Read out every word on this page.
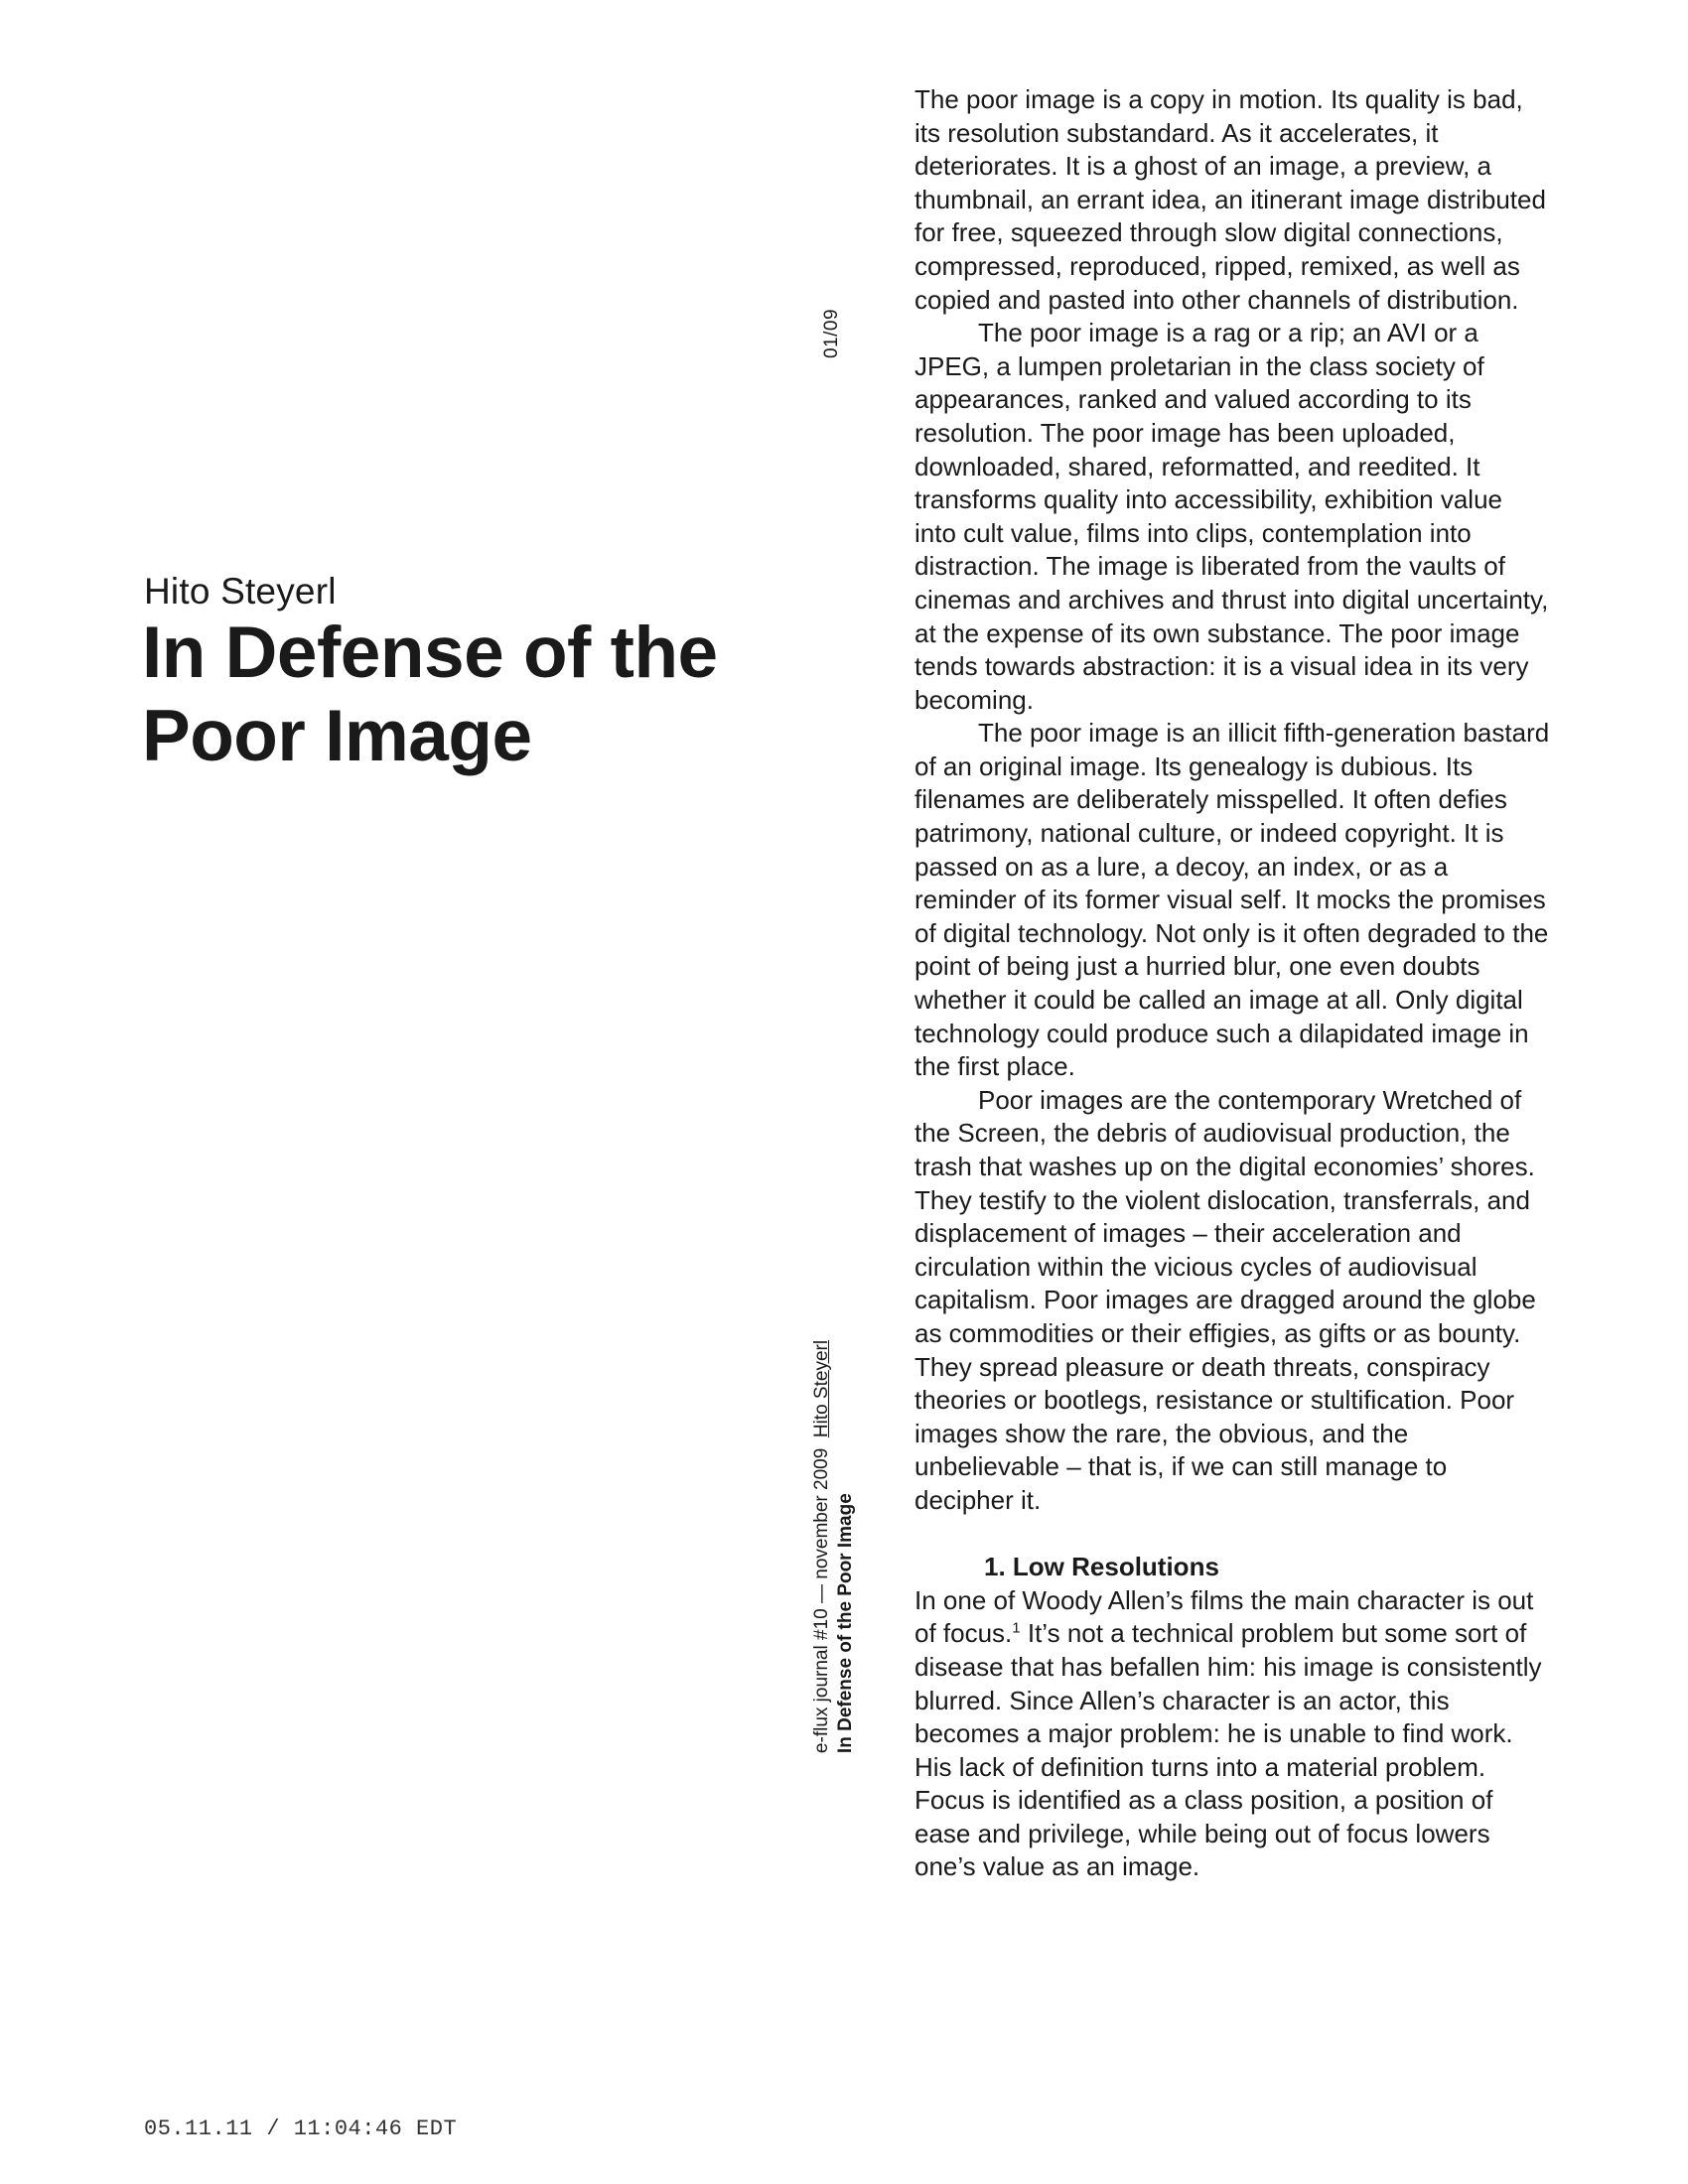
Hito Steyerl
In Defense of the Poor Image
01/09
e-flux journal #10 — november 2009  Hito Steyerl
In Defense of the Poor Image

The poor image is a copy in motion. Its quality is bad, its resolution substandard. As it accelerates, it deteriorates. It is a ghost of an image, a preview, a thumbnail, an errant idea, an itinerant image distributed for free, squeezed through slow digital connections, compressed, reproduced, ripped, remixed, as well as copied and pasted into other channels of distribution.

The poor image is a rag or a rip; an AVI or a JPEG, a lumpen proletarian in the class society of appearances, ranked and valued according to its resolution. The poor image has been uploaded, downloaded, shared, reformatted, and reedited. It transforms quality into accessibility, exhibition value into cult value, films into clips, contemplation into distraction. The image is liberated from the vaults of cinemas and archives and thrust into digital uncertainty, at the expense of its own substance. The poor image tends towards abstraction: it is a visual idea in its very becoming.

The poor image is an illicit fifth-generation bastard of an original image. Its genealogy is dubious. Its filenames are deliberately misspelled. It often defies patrimony, national culture, or indeed copyright. It is passed on as a lure, a decoy, an index, or as a reminder of its former visual self. It mocks the promises of digital technology. Not only is it often degraded to the point of being just a hurried blur, one even doubts whether it could be called an image at all. Only digital technology could produce such a dilapidated image in the first place.

Poor images are the contemporary Wretched of the Screen, the debris of audiovisual production, the trash that washes up on the digital economies’ shores. They testify to the violent dislocation, transferrals, and displacement of images – their acceleration and circulation within the vicious cycles of audiovisual capitalism. Poor images are dragged around the globe as commodities or their effigies, as gifts or as bounty. They spread pleasure or death threats, conspiracy theories or bootlegs, resistance or stultification. Poor images show the rare, the obvious, and the unbelievable – that is, if we can still manage to decipher it.

1. Low Resolutions

In one of Woody Allen’s films the main character is out of focus.$^1$ It’s not a technical problem but some sort of disease that has befallen him: his image is consistently blurred. Since Allen’s character is an actor, this becomes a major problem: he is unable to find work. His lack of definition turns into a material problem. Focus is identified as a class position, a position of ease and privilege, while being out of focus lowers one’s value as an image.

05.11.11 / 11:04:46 EDT
